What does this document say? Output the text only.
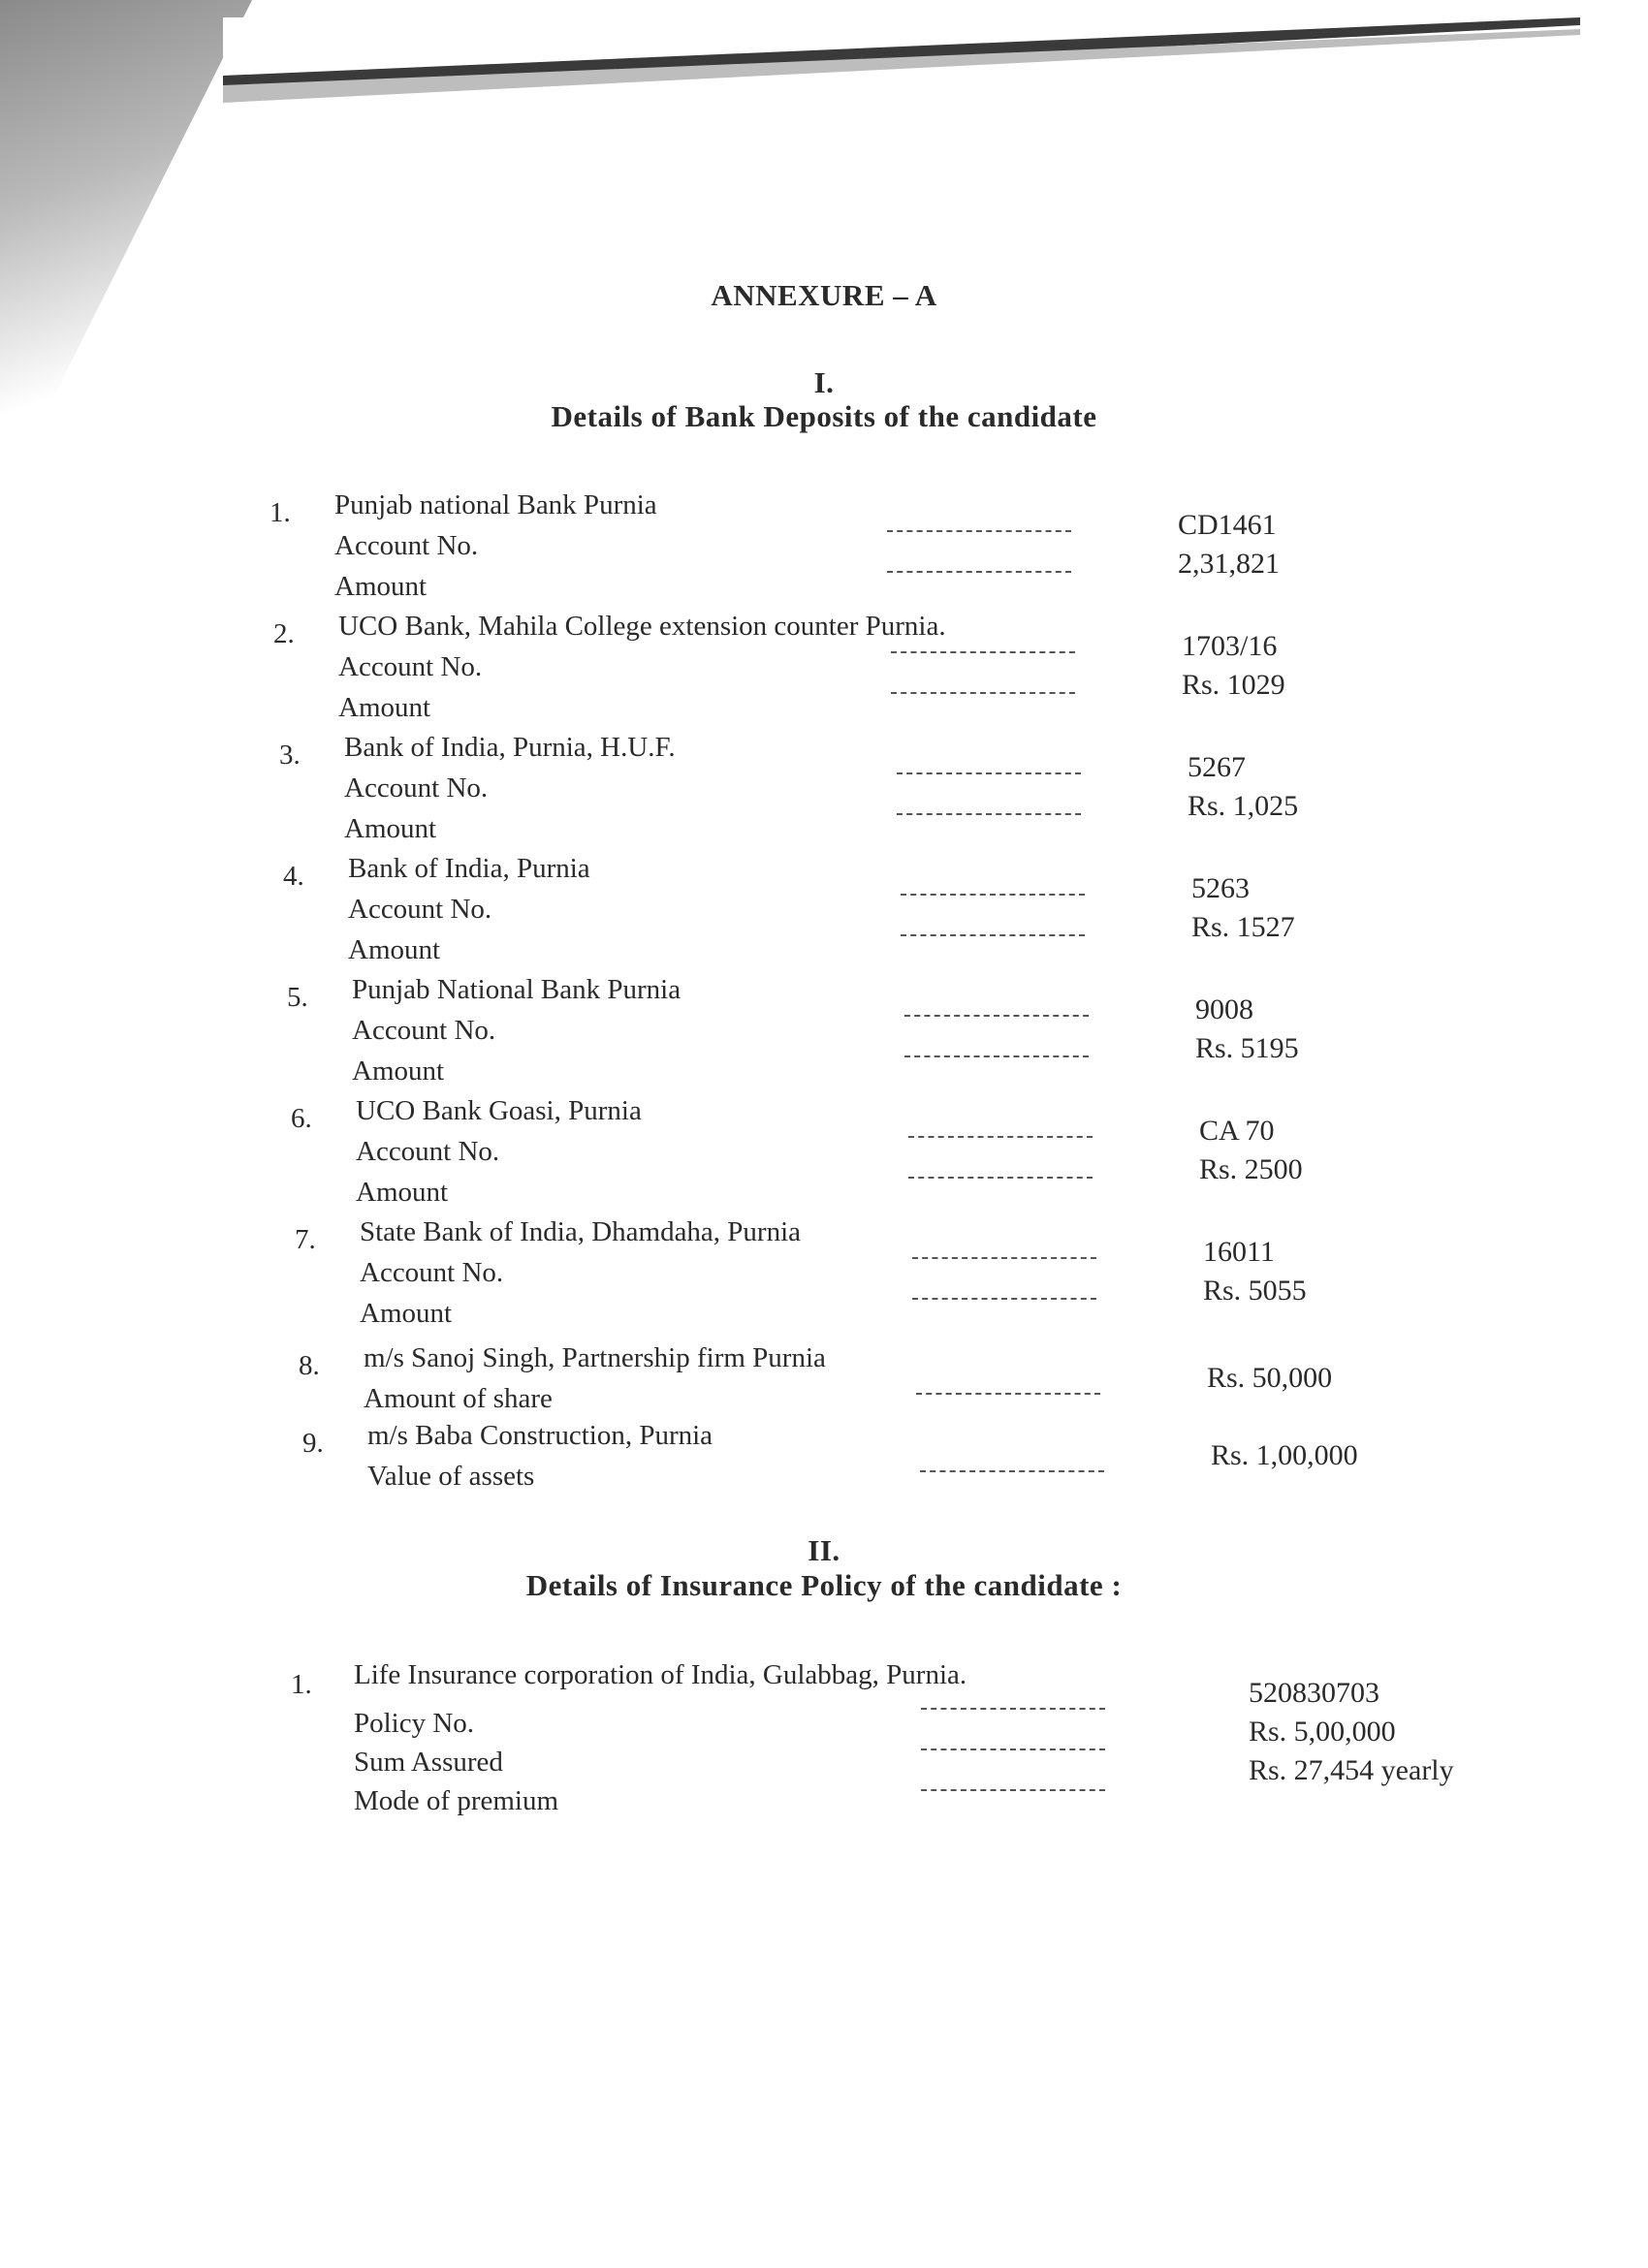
ANNEXURE – A
I.
Details of Bank Deposits of the candidate
1. Punjab national Bank Purnia
Account No.
Amount
CD1461
2,31,821
2. UCO Bank, Mahila College extension counter Purnia.
Account No.
Amount
1703/16
Rs. 1029
3. Bank of India, Purnia, H.U.F.
Account No.
Amount
5267
Rs. 1,025
4. Bank of India, Purnia
Account No.
Amount
5263
Rs. 1527
5. Punjab National Bank Purnia
Account No.
Amount
9008
Rs. 5195
6. UCO Bank Goasi, Purnia
Account No.
Amount
CA 70
Rs. 2500
7. State Bank of India, Dhamdaha, Purnia
Account No.
Amount
16011
Rs. 5055
8. m/s Sanoj Singh, Partnership firm Purnia
Amount of share
Rs. 50,000
9. m/s Baba Construction, Purnia
Value of assets
Rs. 1,00,000
II.
Details of Insurance Policy of the candidate :
1. Life Insurance corporation of India, Gulabbag, Purnia.
Policy No.
Sum Assured
Mode of premium
520830703
Rs. 5,00,000
Rs. 27,454 yearly
